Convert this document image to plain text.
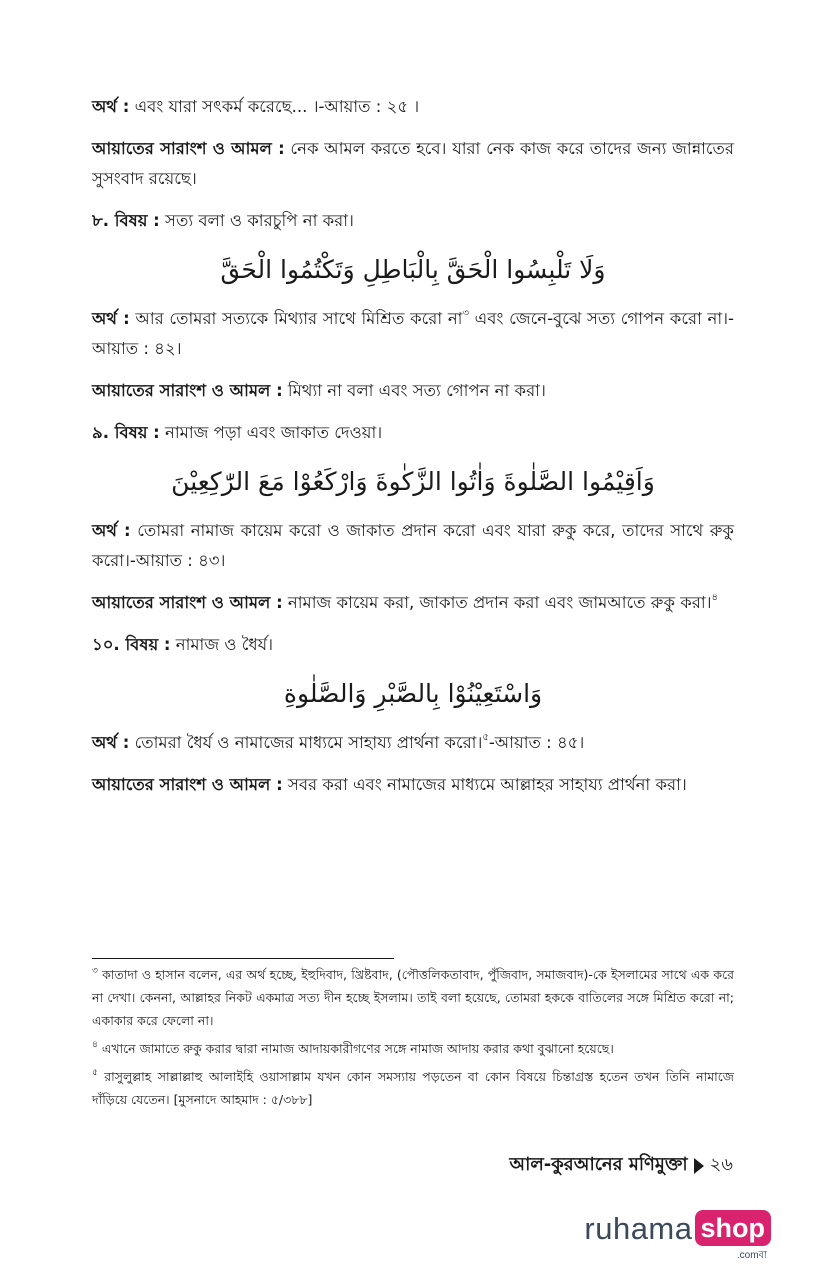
অর্থ : এবং যারা সৎকর্ম করেছে... ।-আয়াত : ২৫ ।

আয়াতের সারাংশ ও আমল : নেক আমল করতে হবে। যারা নেক কাজ করে তাদের জন্য জান্নাতের সুসংবাদ রয়েছে।

৮. বিষয় : সত্য বলা ও কারচুপি না করা।

وَلَا تَلْبِسُوا الْحَقَّ بِالْبَاطِلِ وَتَكْتُمُوا الْحَقَّ

অর্থ : আর তোমরা সত্যকে মিথ্যার সাথে মিশ্রিত করো না$^৩$ এবং জেনে-বুঝে সত্য গোপন করো না।-আয়াত : ৪২।

আয়াতের সারাংশ ও আমল : মিথ্যা না বলা এবং সত্য গোপন না করা।

৯. বিষয় : নামাজ পড়া এবং জাকাত দেওয়া।

وَاَقِيْمُوا الصَّلٰوةَ وَاٰتُوا الزَّكٰوةَ وَارْكَعُوْا مَعَ الرّٰكِعِيْنَ

অর্থ : তোমরা নামাজ কায়েম করো ও জাকাত প্রদান করো এবং যারা রুকু করে, তাদের সাথে রুকু করো।-আয়াত : ৪৩।

আয়াতের সারাংশ ও আমল : নামাজ কায়েম করা, জাকাত প্রদান করা এবং জামআতে রুকু করা।$^৪$

১০. বিষয় : নামাজ ও ধৈর্য।

وَاسْتَعِيْنُوْا بِالصَّبْرِ وَالصَّلٰوةِ

অর্থ : তোমরা ধৈর্য ও নামাজের মাধ্যমে সাহায্য প্রার্থনা করো।$^৫$-আয়াত : ৪৫।

আয়াতের সারাংশ ও আমল : সবর করা এবং নামাজের মাধ্যমে আল্লাহর সাহায্য প্রার্থনা করা।

$^৩$ কাতাদা ও হাসান বলেন, এর অর্থ হচ্ছে, ইহুদিবাদ, খ্রিষ্টবাদ, (পৌত্তলিকতাবাদ, পুঁজিবাদ, সমাজবাদ)-কে ইসলামের সাথে এক করে না দেখা। কেননা, আল্লাহর নিকট একমাত্র সত্য দীন হচ্ছে ইসলাম। তাই বলা হয়েছে, তোমরা হককে বাতিলের সঙ্গে মিশ্রিত করো না; একাকার করে ফেলো না।

$^৪$ এখানে জামাতে রুকু করার দ্বারা নামাজ আদায়কারীগণের সঙ্গে নামাজ আদায় করার কথা বুঝানো হয়েছে।

$^৫$ রাসুলুল্লাহ সাল্লাল্লাহু আলাইহি ওয়াসাল্লাম যখন কোন সমস্যায় পড়তেন বা কোন বিষয়ে চিন্তাগ্রস্ত হতেন তখন তিনি নামাজে দাঁড়িয়ে যেতেন। [মুসনাদে আহমাদ : ৫/৩৮৮]

আল-কুরআনের মণিমুক্তা ২৬
ruhama shop
.comবা
